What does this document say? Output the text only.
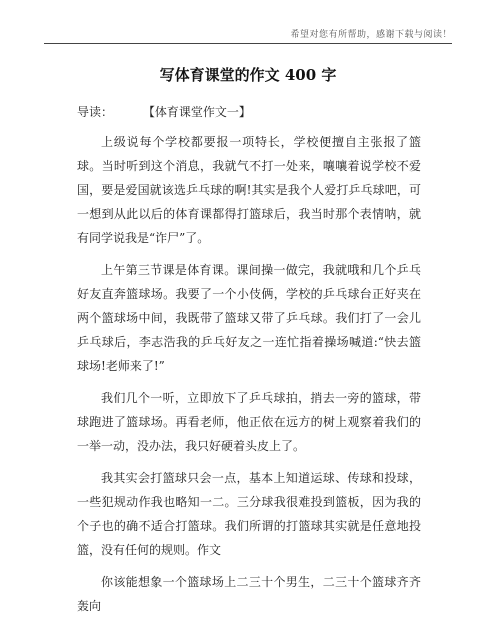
希望对您有所帮助，感谢下载与阅读！
写体育课堂的作文 400 字
导读： 【体育课堂作文一】

上级说每个学校都要报一项特长，学校便擅自主张报了篮球。当时听到这个消息，我就气不打一处来，嚷嚷着说学校不爱国，要是爱国就该选乒乓球的啊!其实是我个人爱打乒乓球吧，可一想到从此以后的体育课都得打篮球后，我当时那个表情呐，就有同学说我是“诈尸”了。

上午第三节课是体育课。课间操一做完，我就哦和几个乒乓好友直奔篮球场。我要了一个小伎俩，学校的乒乓球台正好夹在两个篮球场中间，我既带了篮球又带了乒乓球。我们打了一会儿乒乓球后，李志浩我的乒乓好友之一连忙指着操场喊道:“快去篮球场!老师来了!”

我们几个一听，立即放下了乒乓球拍，捎去一旁的篮球，带球跑进了篮球场。再看老师，他正依在远方的树上观察着我们的一举一动，没办法，我只好硬着头皮上了。

我其实会打篮球只会一点，基本上知道运球、传球和投球，一些犯规动作我也略知一二。三分球我很难投到篮板，因为我的个子也的确不适合打篮球。我们所谓的打篮球其实就是任意地投篮，没有任何的规则。作文

你该能想象一个篮球场上二三十个男生，二三十个篮球齐齐轰向
